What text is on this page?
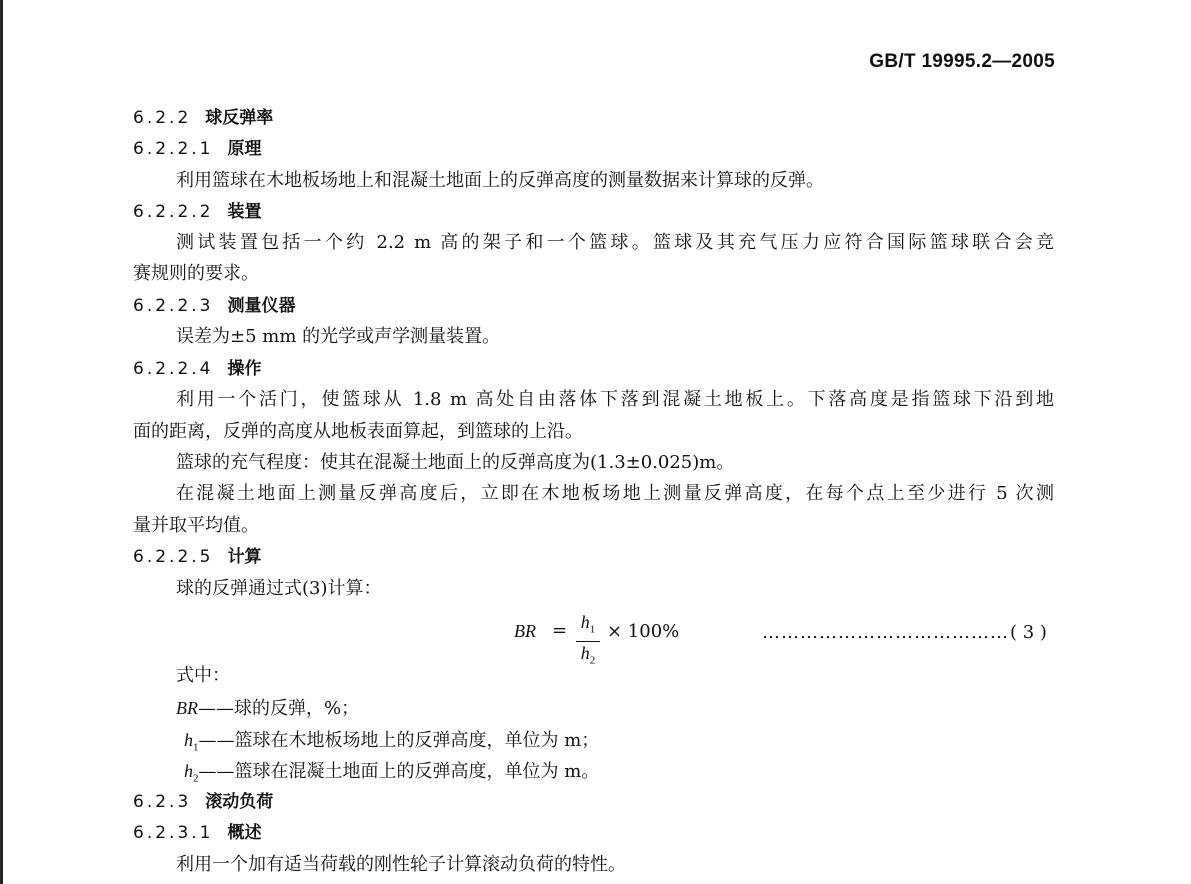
GB/T 19995.2—2005
6.2.2 球反弹率
6.2.2.1 原理
利用篮球在木地板场地上和混凝土地面上的反弹高度的测量数据来计算球的反弹。
6.2.2.2 装置
测试装置包括一个约 2.2 m 高的架子和一个篮球。篮球及其充气压力应符合国际篮球联合会竞
赛规则的要求。
6.2.2.3 测量仪器
误差为±5 mm 的光学或声学测量装置。
6.2.2.4 操作
利用一个活门，使篮球从 1.8 m 高处自由落体下落到混凝土地板上。下落高度是指篮球下沿到地
面的距离，反弹的高度从地板表面算起，到篮球的上沿。
篮球的充气程度：使其在混凝土地面上的反弹高度为(1.3±0.025)m。
在混凝土地面上测量反弹高度后，立即在木地板场地上测量反弹高度，在每个点上至少进行 5 次测
量并取平均值。
6.2.2.5 计算
球的反弹通过式(3)计算：
BR = $h_1$
$h_2$
× 100%	………………………………… ( 3 )
式中：
BR——球的反弹，%；
$h_1——$篮球在木地板场地上的反弹高度，单位为 m；
$h_2——$篮球在混凝土地面上的反弹高度，单位为 m。
6.2.3 滚动负荷
6.2.3.1 概述
利用一个加有适当荷载的刚性轮子计算滚动负荷的特性。
